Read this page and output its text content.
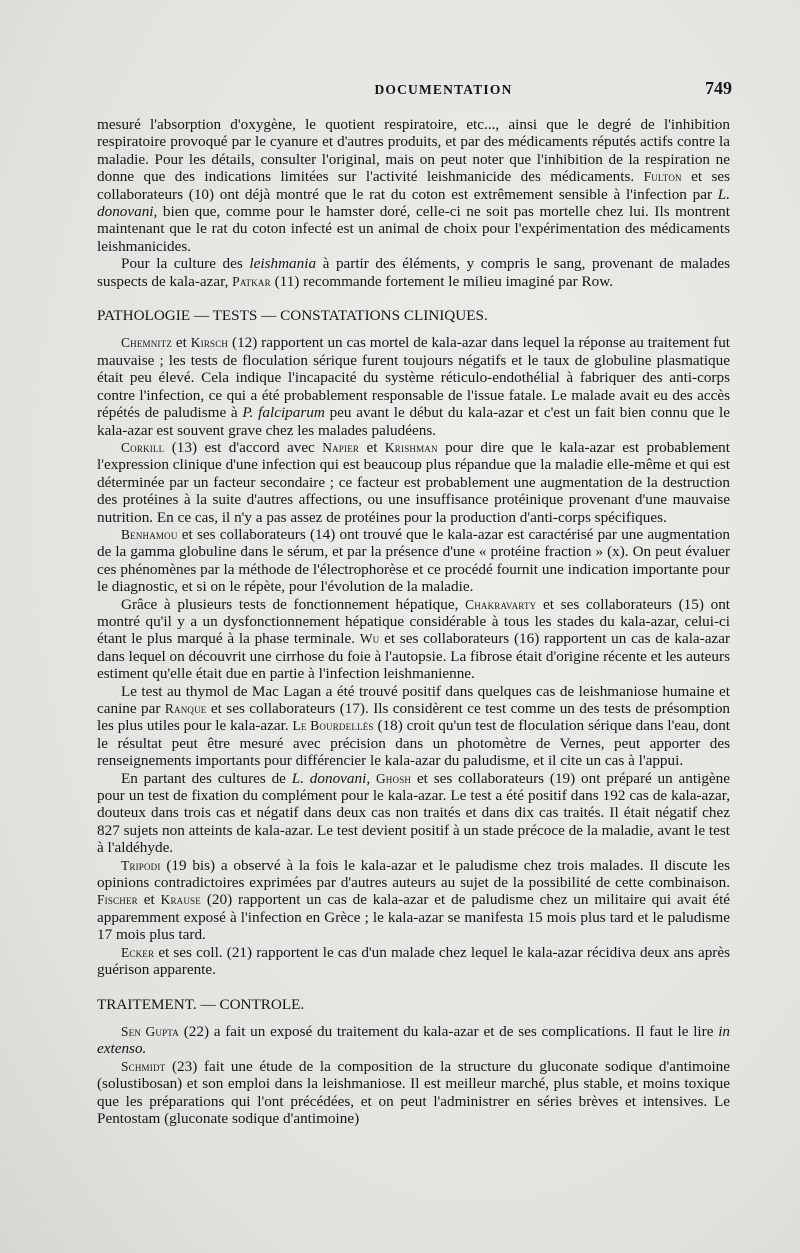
DOCUMENTATION	749

mesuré l'absorption d'oxygène, le quotient respiratoire, etc..., ainsi que le degré de l'inhibition respiratoire provoqué par le cyanure et d'autres produits, et par des médicaments réputés actifs contre la maladie. Pour les détails, consulter l'original, mais on peut noter que l'inhibition de la respiration ne donne que des indications limitées sur l'activité leishmanicide des médicaments. Fulton et ses collaborateurs (10) ont déjà montré que le rat du coton est extrêmement sensible à l'infection par L. donovani, bien que, comme pour le hamster doré, celle-ci ne soit pas mortelle chez lui. Ils montrent maintenant que le rat du coton infecté est un animal de choix pour l'expérimentation des médicaments leishmanicides.

Pour la culture des leishmania à partir des éléments, y compris le sang, provenant de malades suspects de kala-azar, Patkar (11) recommande fortement le milieu imaginé par Row.

PATHOLOGIE — TESTS — CONSTATATIONS CLINIQUES.

Chemnitz et Kirsch (12) rapportent un cas mortel de kala-azar dans lequel la réponse au traitement fut mauvaise ; les tests de floculation sérique furent toujours négatifs et le taux de globuline plasmatique était peu élevé. Cela indique l'incapacité du système réticulo-endothélial à fabriquer des anti-corps contre l'infection, ce qui a été probablement responsable de l'issue fatale. Le malade avait eu des accès répétés de paludisme à P. falciparum peu avant le début du kala-azar et c'est un fait bien connu que le kala-azar est souvent grave chez les malades paludéens.

Corkill (13) est d'accord avec Napier et Krishman pour dire que le kala-azar est probablement l'expression clinique d'une infection qui est beaucoup plus répandue que la maladie elle-même et qui est déterminée par un facteur secondaire ; ce facteur est probablement une augmentation de la destruction des protéines à la suite d'autres affections, ou une insuffisance protéinique provenant d'une mauvaise nutrition. En ce cas, il n'y a pas assez de protéines pour la production d'anti-corps spécifiques.

Benhamou et ses collaborateurs (14) ont trouvé que le kala-azar est caractérisé par une augmentation de la gamma globuline dans le sérum, et par la présence d'une « protéine fraction » (x). On peut évaluer ces phénomènes par la méthode de l'électrophorèse et ce procédé fournit une indication importante pour le diagnostic, et si on le répète, pour l'évolution de la maladie.

Grâce à plusieurs tests de fonctionnement hépatique, Chakravarty et ses collaborateurs (15) ont montré qu'il y a un dysfonctionnement hépatique considérable à tous les stades du kala-azar, celui-ci étant le plus marqué à la phase terminale. Wu et ses collaborateurs (16) rapportent un cas de kala-azar dans lequel on découvrit une cirrhose du foie à l'autopsie. La fibrose était d'origine récente et les auteurs estiment qu'elle était due en partie à l'infection leishmanienne.

Le test au thymol de Mac Lagan a été trouvé positif dans quelques cas de leishmaniose humaine et canine par Ranque et ses collaborateurs (17). Ils considèrent ce test comme un des tests de présomption les plus utiles pour le kala-azar. Le Bourdellès (18) croit qu'un test de floculation sérique dans l'eau, dont le résultat peut être mesuré avec précision dans un photomètre de Vernes, peut apporter des renseignements importants pour différencier le kala-azar du paludisme, et il cite un cas à l'appui.

En partant des cultures de L. donovani, Ghosh et ses collaborateurs (19) ont préparé un antigène pour un test de fixation du complément pour le kala-azar. Le test a été positif dans 192 cas de kala-azar, douteux dans trois cas et négatif dans deux cas non traités et dans dix cas traités. Il était négatif chez 827 sujets non atteints de kala-azar. Le test devient positif à un stade précoce de la maladie, avant le test à l'aldéhyde.

Tripodi (19 bis) a observé à la fois le kala-azar et le paludisme chez trois malades. Il discute les opinions contradictoires exprimées par d'autres auteurs au sujet de la possibilité de cette combinaison. Fischer et Krause (20) rapportent un cas de kala-azar et de paludisme chez un militaire qui avait été apparemment exposé à l'infection en Grèce ; le kala-azar se manifesta 15 mois plus tard et le paludisme 17 mois plus tard.

Ecker et ses coll. (21) rapportent le cas d'un malade chez lequel le kala-azar récidiva deux ans après guérison apparente.

TRAITEMENT. — CONTROLE.

Sen Gupta (22) a fait un exposé du traitement du kala-azar et de ses complications. Il faut le lire in extenso.

Schmidt (23) fait une étude de la composition de la structure du gluconate sodique d'antimoine (solustibosan) et son emploi dans la leishmaniose. Il est meilleur marché, plus stable, et moins toxique que les préparations qui l'ont précédées, et on peut l'administrer en séries brèves et intensives. Le Pentostam (gluconate sodique d'antimoine)
